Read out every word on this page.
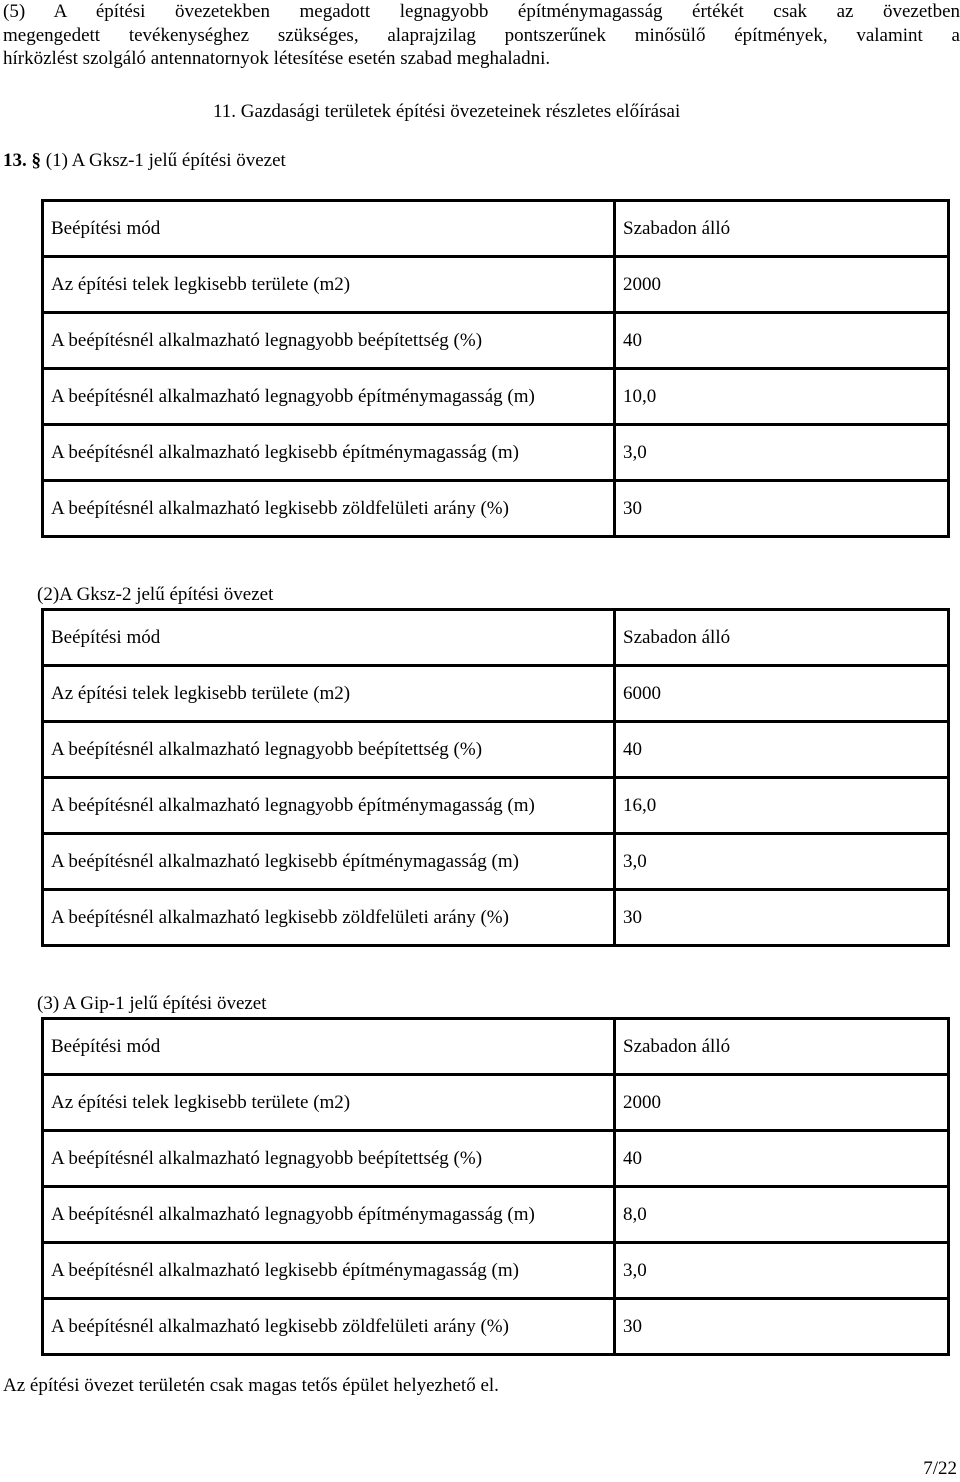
(5) A építési övezetekben megadott legnagyobb építménymagasság értékét csak az övezetben
megengedett tevékenységhez szükséges, alaprajzilag pontszerűnek minősülő építmények, valamint a
hírközlést szolgáló antennatornyok létesítése esetén szabad meghaladni.
11. Gazdasági területek építési övezeteinek részletes előírásai
13. § (1) A Gksz-1 jelű építési övezet
Beépítési mód	Szabadon álló
Az építési telek legkisebb területe (m2)	2000
A beépítésnél alkalmazható legnagyobb beépítettség (%)	40
A beépítésnél alkalmazható legnagyobb építménymagasság (m)	10,0
A beépítésnél alkalmazható legkisebb építménymagasság (m)	3,0
A beépítésnél alkalmazható legkisebb zöldfelületi arány (%)	30
(2)A Gksz-2 jelű építési övezet
Beépítési mód	Szabadon álló
Az építési telek legkisebb területe (m2)	6000
A beépítésnél alkalmazható legnagyobb beépítettség (%)	40
A beépítésnél alkalmazható legnagyobb építménymagasság (m)	16,0
A beépítésnél alkalmazható legkisebb építménymagasság (m)	3,0
A beépítésnél alkalmazható legkisebb zöldfelületi arány (%)	30
(3) A Gip-1 jelű építési övezet
Beépítési mód	Szabadon álló
Az építési telek legkisebb területe (m2)	2000
A beépítésnél alkalmazható legnagyobb beépítettség (%)	40
A beépítésnél alkalmazható legnagyobb építménymagasság (m)	8,0
A beépítésnél alkalmazható legkisebb építménymagasság (m)	3,0
A beépítésnél alkalmazható legkisebb zöldfelületi arány (%)	30
Az építési övezet területén csak magas tetős épület helyezhető el.
7/22
